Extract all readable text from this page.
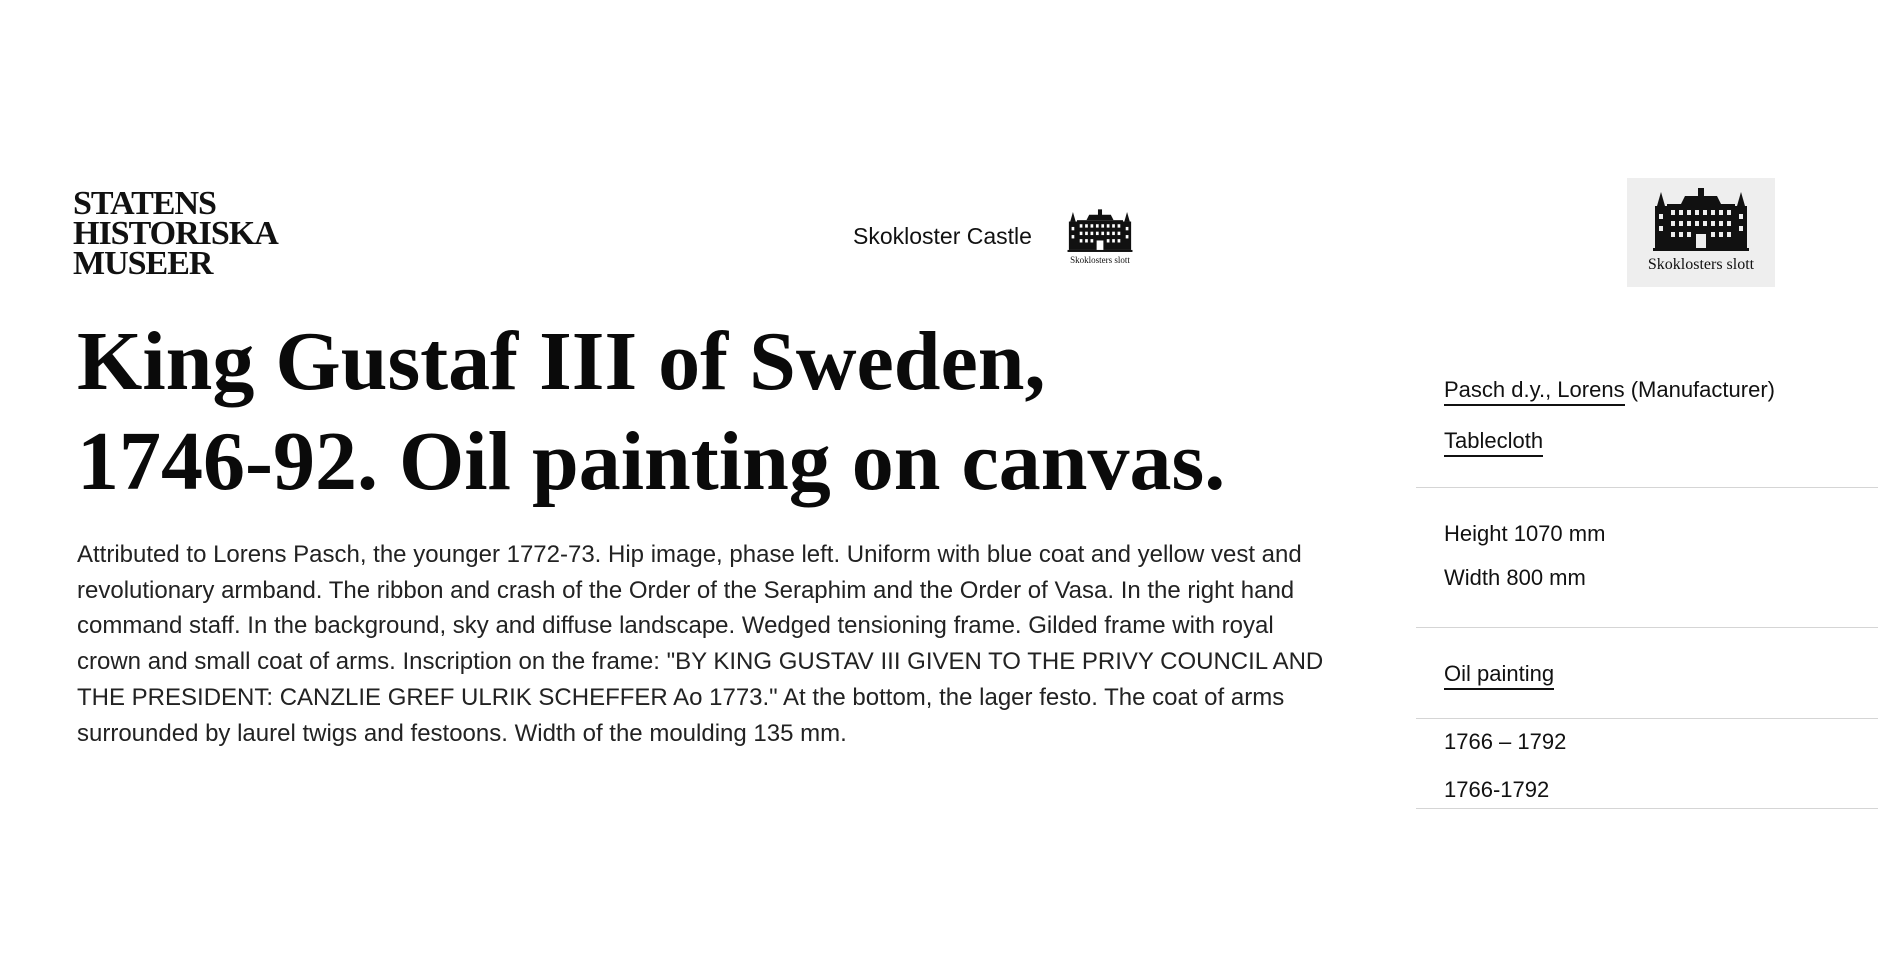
STATENS
HISTORISKA
MUSEER
Skokloster Castle
Skoklosters slott	Skoklosters slott
King Gustaf III of Sweden,
1746-92. Oil painting on canvas.

Attributed to Lorens Pasch, the younger 1772-73. Hip image, phase left. Uniform with blue coat and yellow vest and revolutionary armband. The ribbon and crash of the Order of the Seraphim and the Order of Vasa. In the right hand command staff. In the background, sky and diffuse landscape. Wedged tensioning frame. Gilded frame with royal crown and small coat of arms. Inscription on the frame: "BY KING GUSTAV III GIVEN TO THE PRIVY COUNCIL AND THE PRESIDENT: CANZLIE GREF ULRIK SCHEFFER Ao 1773." At the bottom, the lager festo. The coat of arms surrounded by laurel twigs and festoons. Width of the moulding 135 mm.

Pasch d.y., Lorens (Manufacturer)
Tablecloth
Height 1070 mm
Width 800 mm
Oil painting
1766 – 1792
1766-1792
